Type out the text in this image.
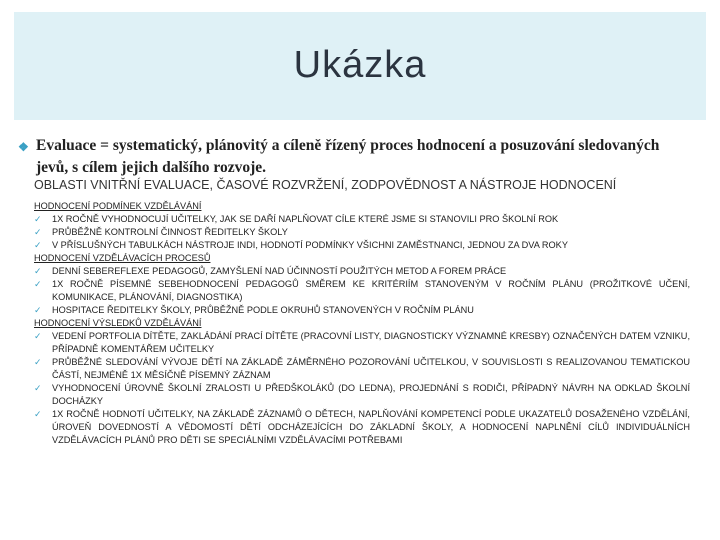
Ukázka
❖ Evaluace = systematický, plánovitý a cíleně řízený proces hodnocení a posuzování sledovaných jevů, s cílem jejich dalšího rozvoje.
OBLASTI VNITŘNÍ EVALUACE, ČASOVÉ ROZVRŽENÍ, ZODPOVĚDNOST A NÁSTROJE HODNOCENÍ
HODNOCENÍ PODMÍNEK VZDĚLÁVÁNÍ
✓ 1X ROČNĚ VYHODNOCUJÍ UČITELKY, JAK SE DAŘÍ NAPLŇOVAT CÍLE KTERÉ JSME SI STANOVILI PRO ŠKOLNÍ ROK
✓ PRŮBĚŽNĚ KONTROLNÍ ČINNOST ŘEDITELKY ŠKOLY
✓ V PŘÍSLUŠNÝCH TABULKÁCH NÁSTROJE INDI, HODNOTÍ PODMÍNKY VŠICHNI ZAMĚSTNANCI, JEDNOU ZA DVA ROKY
HODNOCENÍ VZDĚLÁVACÍCH PROCESŮ
✓ DENNÍ SEBEREFLEXE PEDAGOGŮ, ZAMYŠLENÍ NAD ÚČINNOSTÍ POUŽITÝCH METOD A FOREM PRÁCE
✓ 1X ROČNĚ PÍSEMNÉ SEBEHODNOCENÍ PEDAGOGŮ SMĚREM KE KRITÉRIÍM STANOVENÝM V ROČNÍM PLÁNU (PROŽITKOVÉ UČENÍ, KOMUNIKACE, PLÁNOVÁNÍ, DIAGNOSTIKA)
✓ HOSPITACE ŘEDITELKY ŠKOLY, PRŮBĚŽNĚ PODLE OKRUHŮ STANOVENÝCH V ROČNÍM PLÁNU
HODNOCENÍ VÝSLEDKŮ VZDĚLÁVÁNÍ
✓ VEDENÍ PORTFOLIA DÍTĚTE, ZAKLÁDÁNÍ PRACÍ DÍTĚTE (PRACOVNÍ LISTY, DIAGNOSTICKY VÝZNAMNÉ KRESBY) OZNAČENÝCH DATEM VZNIKU, PŘÍPADNĚ KOMENTÁŘEM UČITELKY
✓ PRŮBĚŽNÉ SLEDOVÁNÍ VÝVOJE DĚTÍ NA ZÁKLADĚ ZÁMĚRNÉHO POZOROVÁNÍ UČITELKOU, V SOUVISLOSTI S REALIZOVANOU TEMATICKOU ČÁSTÍ, NEJMÉNĚ 1X MĚSÍČNĚ PÍSEMNÝ ZÁZNAM
✓ VYHODNOCENÍ ÚROVNĚ ŠKOLNÍ ZRALOSTI U PŘEDŠKOLÁKŮ (DO LEDNA), PROJEDNÁNÍ S RODIČI, PŘÍPADNÝ NÁVRH NA ODKLAD ŠKOLNÍ DOCHÁZKY
✓ 1X ROČNĚ HODNOTÍ UČITELKY, NA ZÁKLADĚ ZÁZNAMŮ O DĚTECH, NAPLŇOVÁNÍ KOMPETENCÍ PODLE UKAZATELŮ DOSAŽENÉHO VZDĚLÁNÍ, ÚROVEŇ DOVEDNOSTÍ A VĚDOMOSTÍ DĚTÍ ODCHÁZEJÍCÍCH DO ZÁKLADNÍ ŠKOLY, A HODNOCENÍ NAPLNĚNÍ CÍLŮ INDIVIDUÁLNÍCH VZDĚLÁVACÍCH PLÁNŮ PRO DĚTI SE SPECIÁLNÍMI VZDĚLÁVACÍMI POTŘEBAMI
